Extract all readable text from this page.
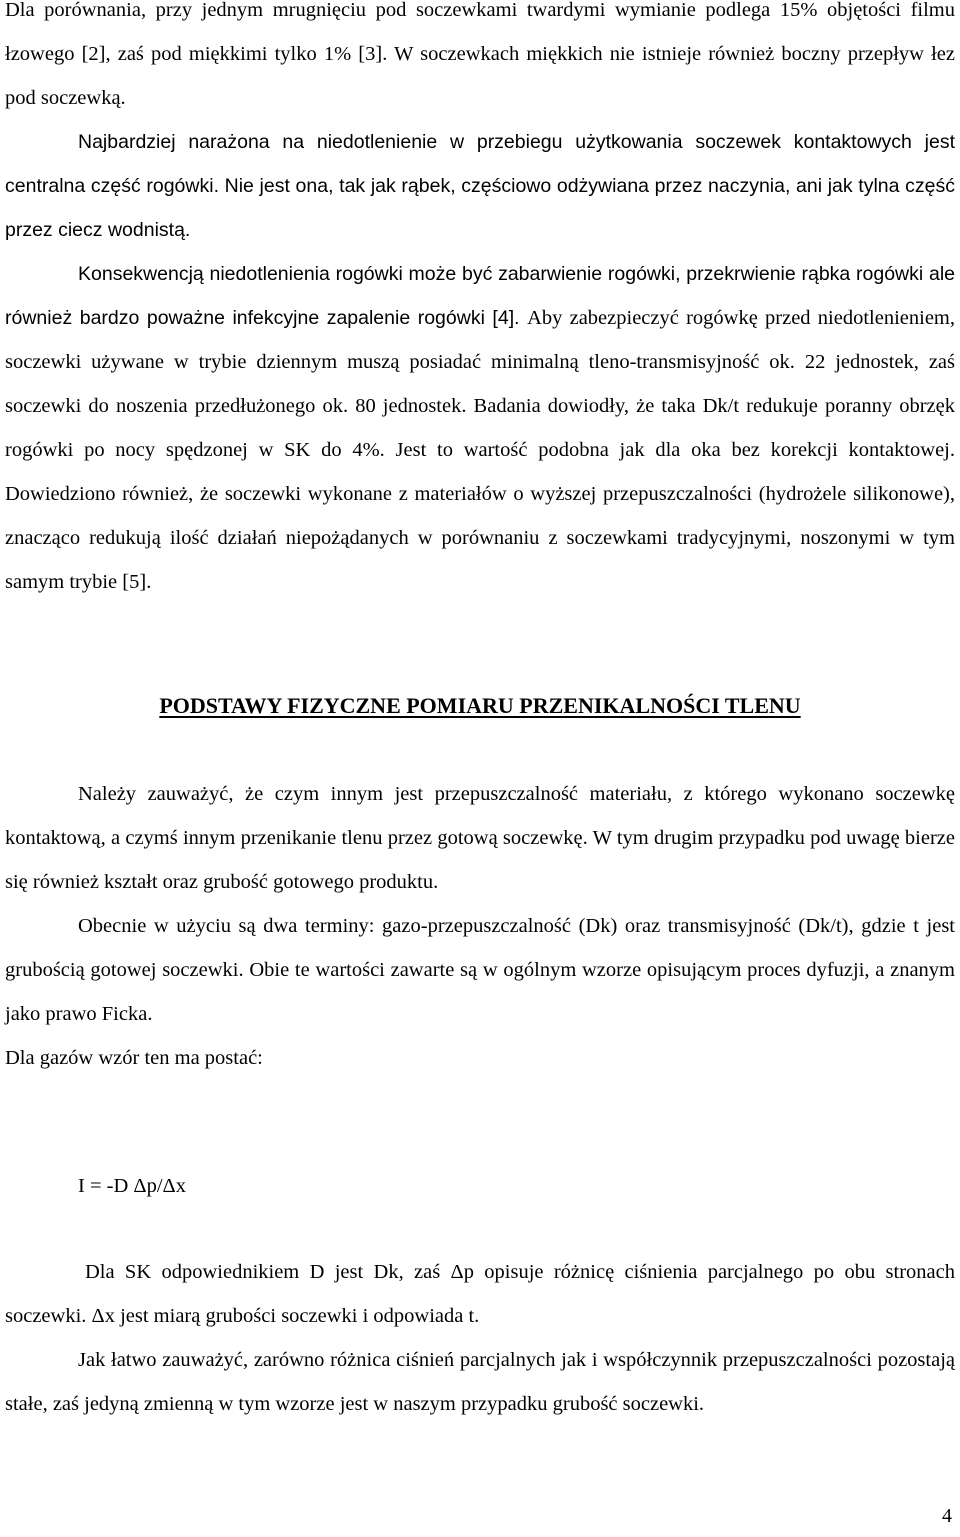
Dla porównania, przy jednym mrugnięciu pod soczewkami twardymi wymianie podlega 15% objętości filmu łzowego [2], zaś pod miękkimi tylko 1% [3]. W soczewkach miękkich nie istnieje również boczny przepływ łez pod soczewką.

Najbardziej narażona na niedotlenienie w przebiegu użytkowania soczewek kontaktowych jest centralna część rogówki. Nie jest ona, tak jak rąbek, częściowo odżywiana przez naczynia, ani jak tylna część przez ciecz wodnistą.

Konsekwencją niedotlenienia rogówki może być zabarwienie rogówki, przekrwienie rąbka rogówki ale również bardzo poważne infekcyjne zapalenie rogówki [4]. Aby zabezpieczyć rogówkę przed niedotlenieniem, soczewki używane w trybie dziennym muszą posiadać minimalną tleno-transmisyjność ok. 22 jednostek, zaś soczewki do noszenia przedłużonego ok. 80 jednostek. Badania dowiodły, że taka Dk/t redukuje poranny obrzęk rogówki po nocy spędzonej w SK do 4%. Jest to wartość podobna jak dla oka bez korekcji kontaktowej. Dowiedziono również, że soczewki wykonane z materiałów o wyższej przepuszczalności (hydrożele silikonowe), znacząco redukują ilość działań niepożądanych w porównaniu z soczewkami tradycyjnymi, noszonymi w tym samym trybie [5].

PODSTAWY FIZYCZNE POMIARU PRZENIKALNOŚCI TLENU

Należy zauważyć, że czym innym jest przepuszczalność materiału, z którego wykonano soczewkę kontaktową, a czymś innym przenikanie tlenu przez gotową soczewkę. W tym drugim przypadku pod uwagę bierze się również kształt oraz grubość gotowego produktu.

Obecnie w użyciu są dwa terminy: gazo-przepuszczalność (Dk) oraz transmisyjność (Dk/t), gdzie t jest grubością gotowej soczewki. Obie te wartości zawarte są w ogólnym wzorze opisującym proces dyfuzji, a znanym jako prawo Ficka.

Dla gazów wzór ten ma postać:

I = -D Δp/Δx

Dla SK odpowiednikiem D jest Dk, zaś Δp opisuje różnicę ciśnienia parcjalnego po obu stronach soczewki. Δx jest miarą grubości soczewki i odpowiada t.

Jak łatwo zauważyć, zarówno różnica ciśnień parcjalnych jak i współczynnik przepuszczalności pozostają stałe, zaś jedyną zmienną w tym wzorze jest w naszym przypadku grubość soczewki.

4
